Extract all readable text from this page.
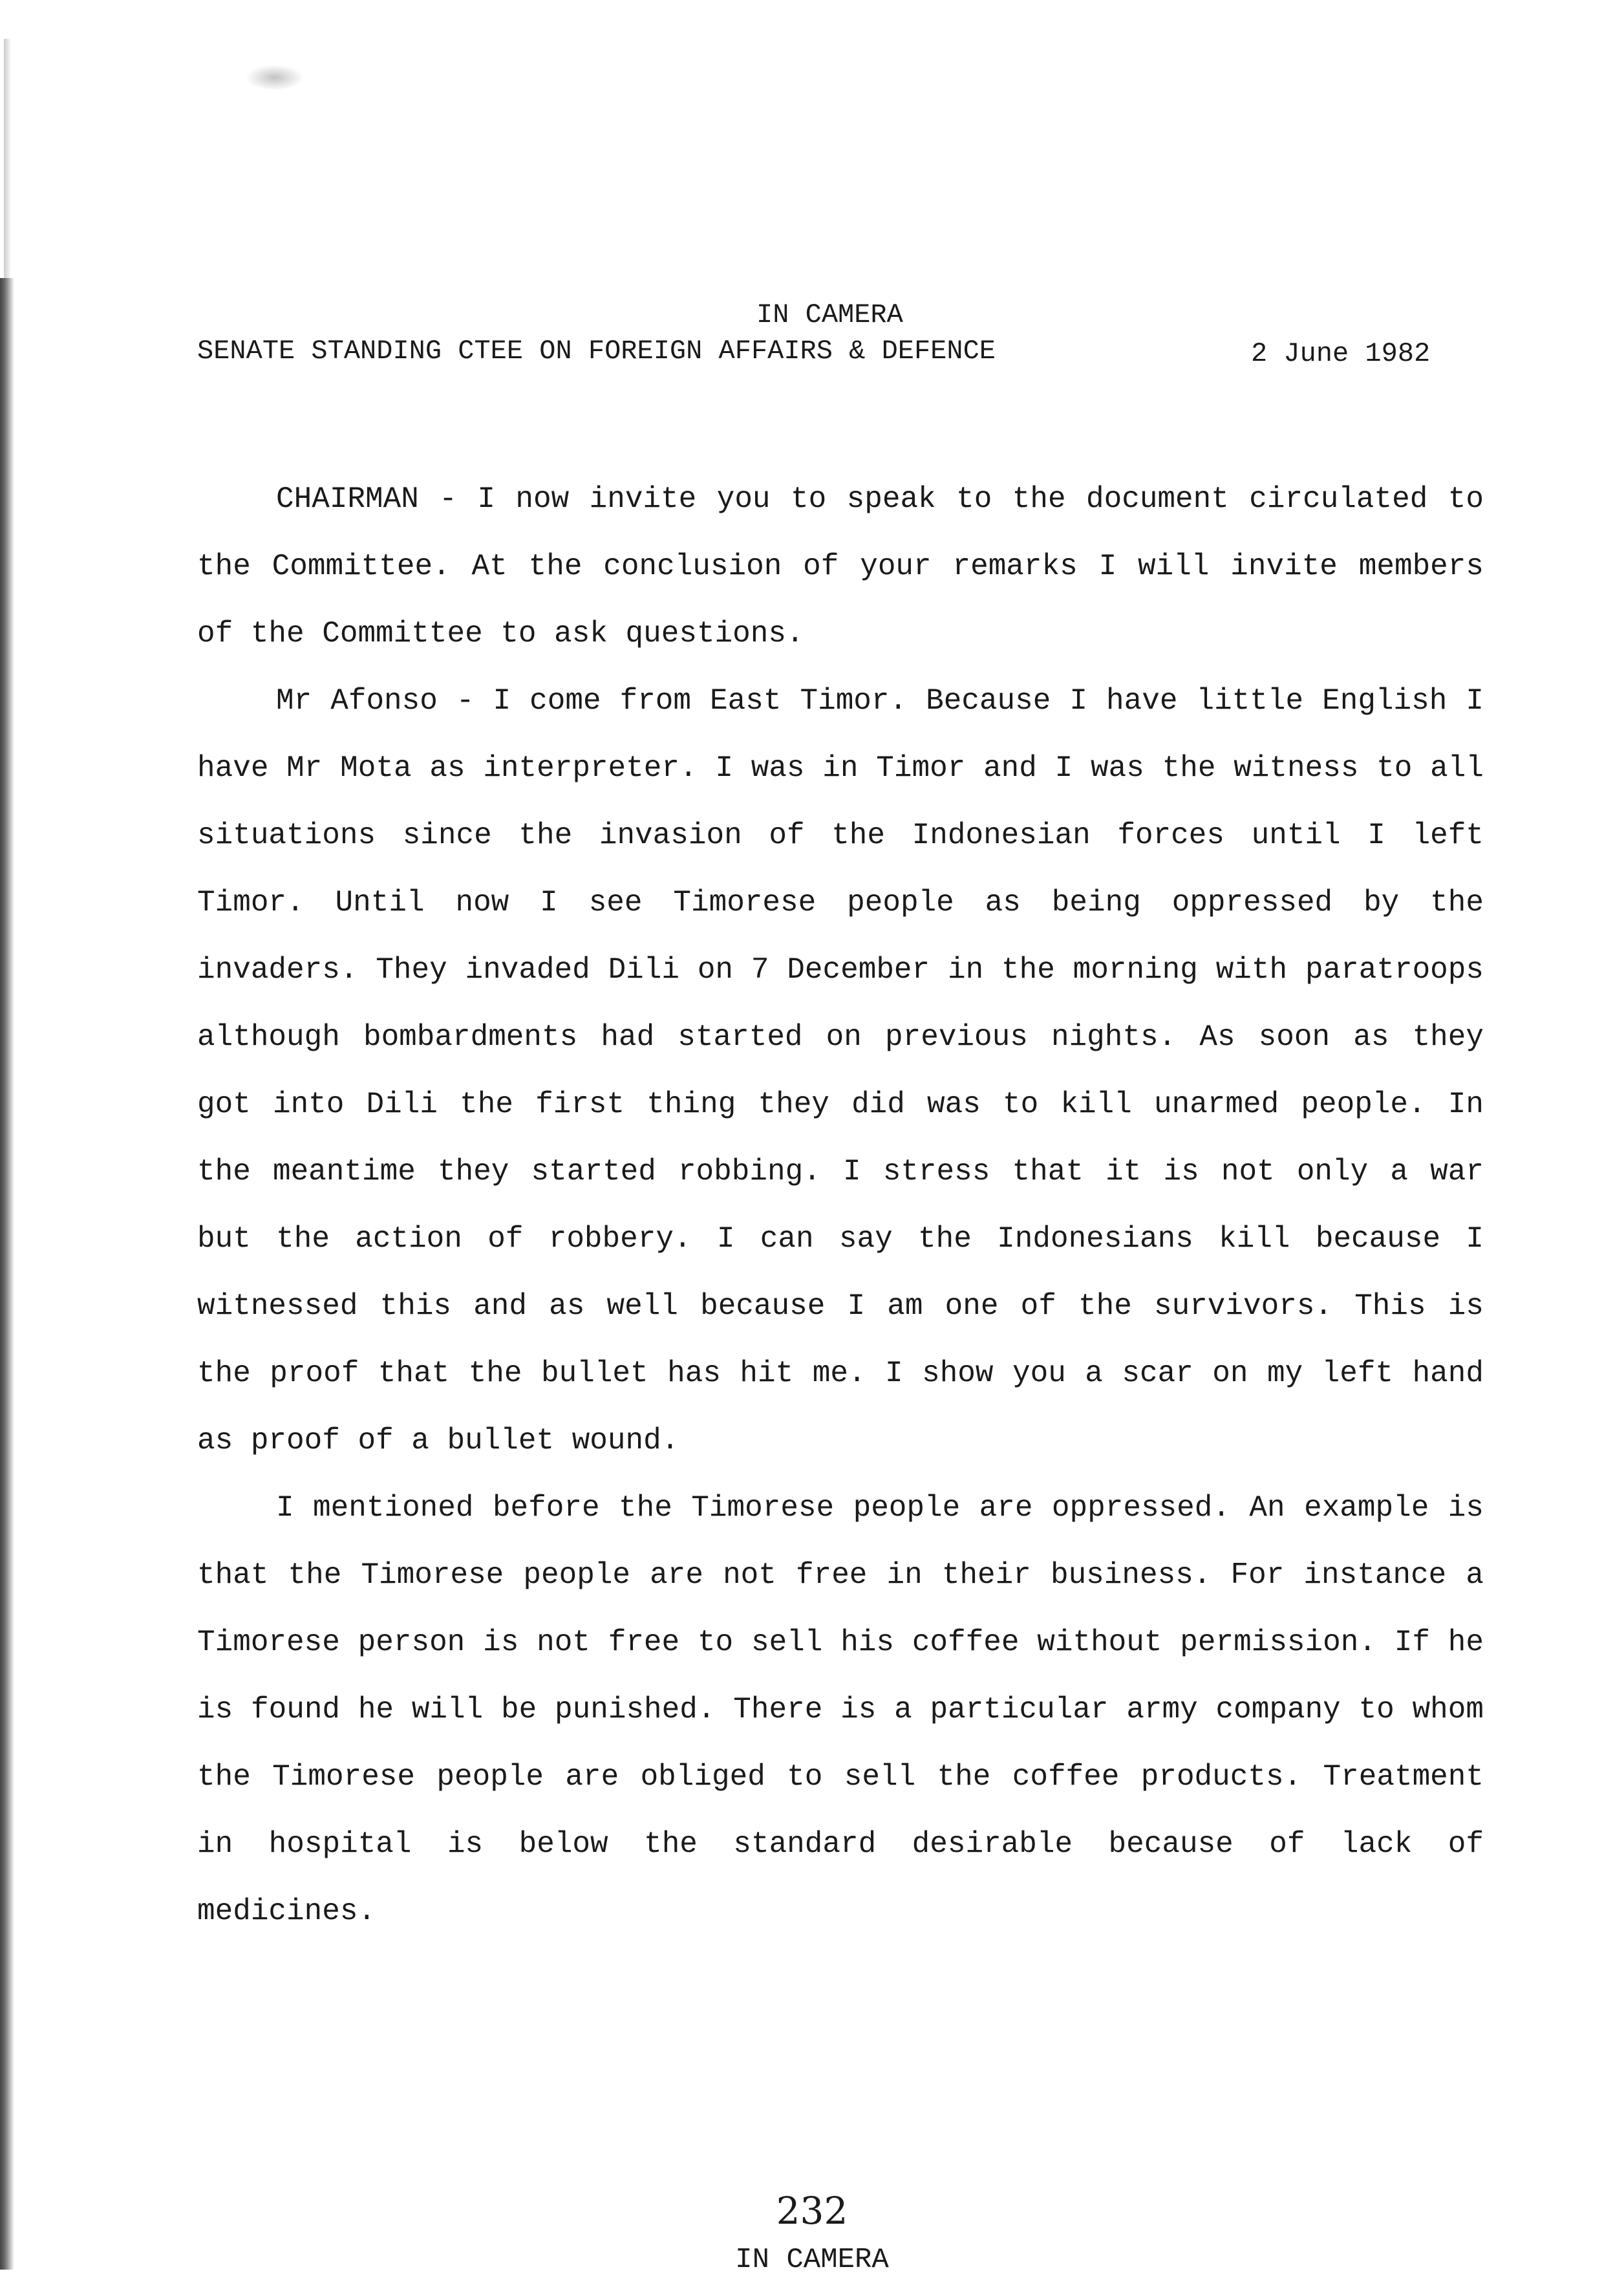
IN CAMERA
SENATE STANDING CTEE ON FOREIGN AFFAIRS & DEFENCE	2 June 1982

CHAIRMAN - I now invite you to speak to the document circulated to the Committee. At the conclusion of your remarks I will invite members of the Committee to ask questions.

Mr Afonso - I come from East Timor. Because I have little English I have Mr Mota as interpreter. I was in Timor and I was the witness to all situations since the invasion of the Indonesian forces until I left Timor. Until now I see Timorese people as being oppressed by the invaders. They invaded Dili on 7 December in the morning with paratroops although bombardments had started on previous nights. As soon as they got into Dili the first thing they did was to kill unarmed people. In the meantime they started robbing. I stress that it is not only a war but the action of robbery. I can say the Indonesians kill because I witnessed this and as well because I am one of the survivors. This is the proof that the bullet has hit me. I show you a scar on my left hand as proof of a bullet wound.

I mentioned before the Timorese people are oppressed. An example is that the Timorese people are not free in their business. For instance a Timorese person is not free to sell his coffee without permission. If he is found he will be punished. There is a particular army company to whom the Timorese people are obliged to sell the coffee products. Treatment in hospital is below the standard desirable because of lack of medicines.

232
IN CAMERA
